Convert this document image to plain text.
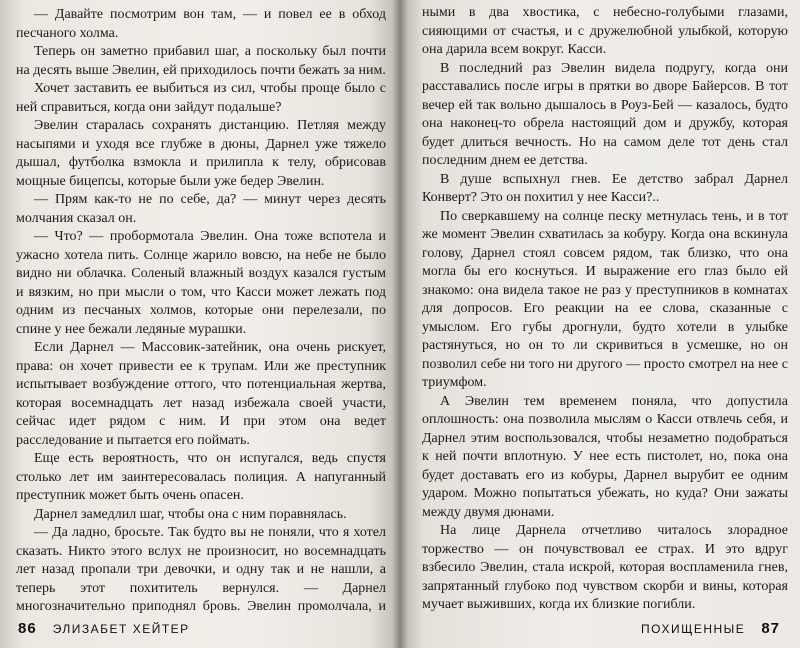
— Давайте посмотрим вон там, — и повел ее в обход песчаного холма.

Теперь он заметно прибавил шаг, а поскольку был почти на десять выше Эвелин, ей приходилось почти бежать за ним.

Хочет заставить ее выбиться из сил, чтобы проще было с ней справиться, когда они зайдут подальше?

Эвелин старалась сохранять дистанцию. Петляя между насыпями и уходя все глубже в дюны, Дарнел уже тяжело дышал, футболка взмокла и прилипла к телу, обрисовав мощные бицепсы, которые были уже бедер Эвелин.

— Прям как-то не по себе, да? — минут через десять молчания сказал он.

— Что? — пробормотала Эвелин. Она тоже вспотела и ужасно хотела пить. Солнце жарило вовсю, на небе не было видно ни облачка. Соленый влажный воздух казался густым и вязким, но при мысли о том, что Касси может лежать под одним из песчаных холмов, которые они перелезали, по спине у нее бежали ледяные мурашки.

Если Дарнел — Массовик-затейник, она очень рискует, права: он хочет привести ее к трупам. Или же преступник испытывает возбуждение оттого, что потенциальная жертва, которая восемнадцать лет назад избежала своей участи, сейчас идет рядом с ним. И при этом она ведет расследование и пытается его поймать.

Еще есть вероятность, что он испугался, ведь спустя столько лет им заинтересовалась полиция. А напуганный преступник может быть очень опасен.

Дарнел замедлил шаг, чтобы она с ним поравнялась.

— Да ладно, бросьте. Так будто вы не поняли, что я хотел сказать. Никто этого вслух не произносит, но восемнадцать лет назад пропали три девочки, и одну так и не нашли, а теперь этот похититель вернулся. — Дарнел многозначительно приподнял бровь. Эвелин промолчала, и

86 ЭЛИЗАБЕТ ХЕЙТЕР

ными в два хвостика, с небесно-голубыми глазами, сияющими от счастья, и с дружелюбной улыбкой, которую она дарила всем вокруг. Касси.

В последний раз Эвелин видела подругу, когда они расставались после игры в прятки во дворе Байерсов. В тот вечер ей так вольно дышалось в Роуз-Бей — казалось, будто она наконец-то обрела настоящий дом и дружбу, которая будет длиться вечность. Но на самом деле тот день стал последним днем ее детства.

В душе вспыхнул гнев. Ее детство забрал Дарнел Конверт? Это он похитил у нее Касси?..

По сверкавшему на солнце песку метнулась тень, и в тот же момент Эвелин схватилась за кобуру. Когда она вскинула голову, Дарнел стоял совсем рядом, так близко, что она могла бы его коснуться. И выражение его глаз было ей знакомо: она видела такое не раз у преступников в комнатах для допросов. Его реакции на ее слова, сказанные с умыслом. Его губы дрогнули, будто хотели в улыбке растянуться, но он то ли скривиться в усмешке, но он позволил себе ни того ни другого — просто смотрел на нее с триумфом.

А Эвелин тем временем поняла, что допустила оплошность: она позволила мыслям о Касси отвлечь себя, и Дарнел этим воспользовался, чтобы незаметно подобраться к ней почти вплотную. У нее есть пистолет, но, пока она будет доставать его из кобуры, Дарнел вырубит ее одним ударом. Можно попытаться убежать, но куда? Они зажаты между двумя дюнами.

На лице Дарнела отчетливо читалось злорадное торжество — он почувствовал ее страх. И это вдруг взбесило Эвелин, стала искрой, которая воспламенила гнев, запрятанный глубоко под чувством скорби и вины, которая мучает выживших, когда их близкие погибли.

ПОХИЩЕННЫЕ 87
